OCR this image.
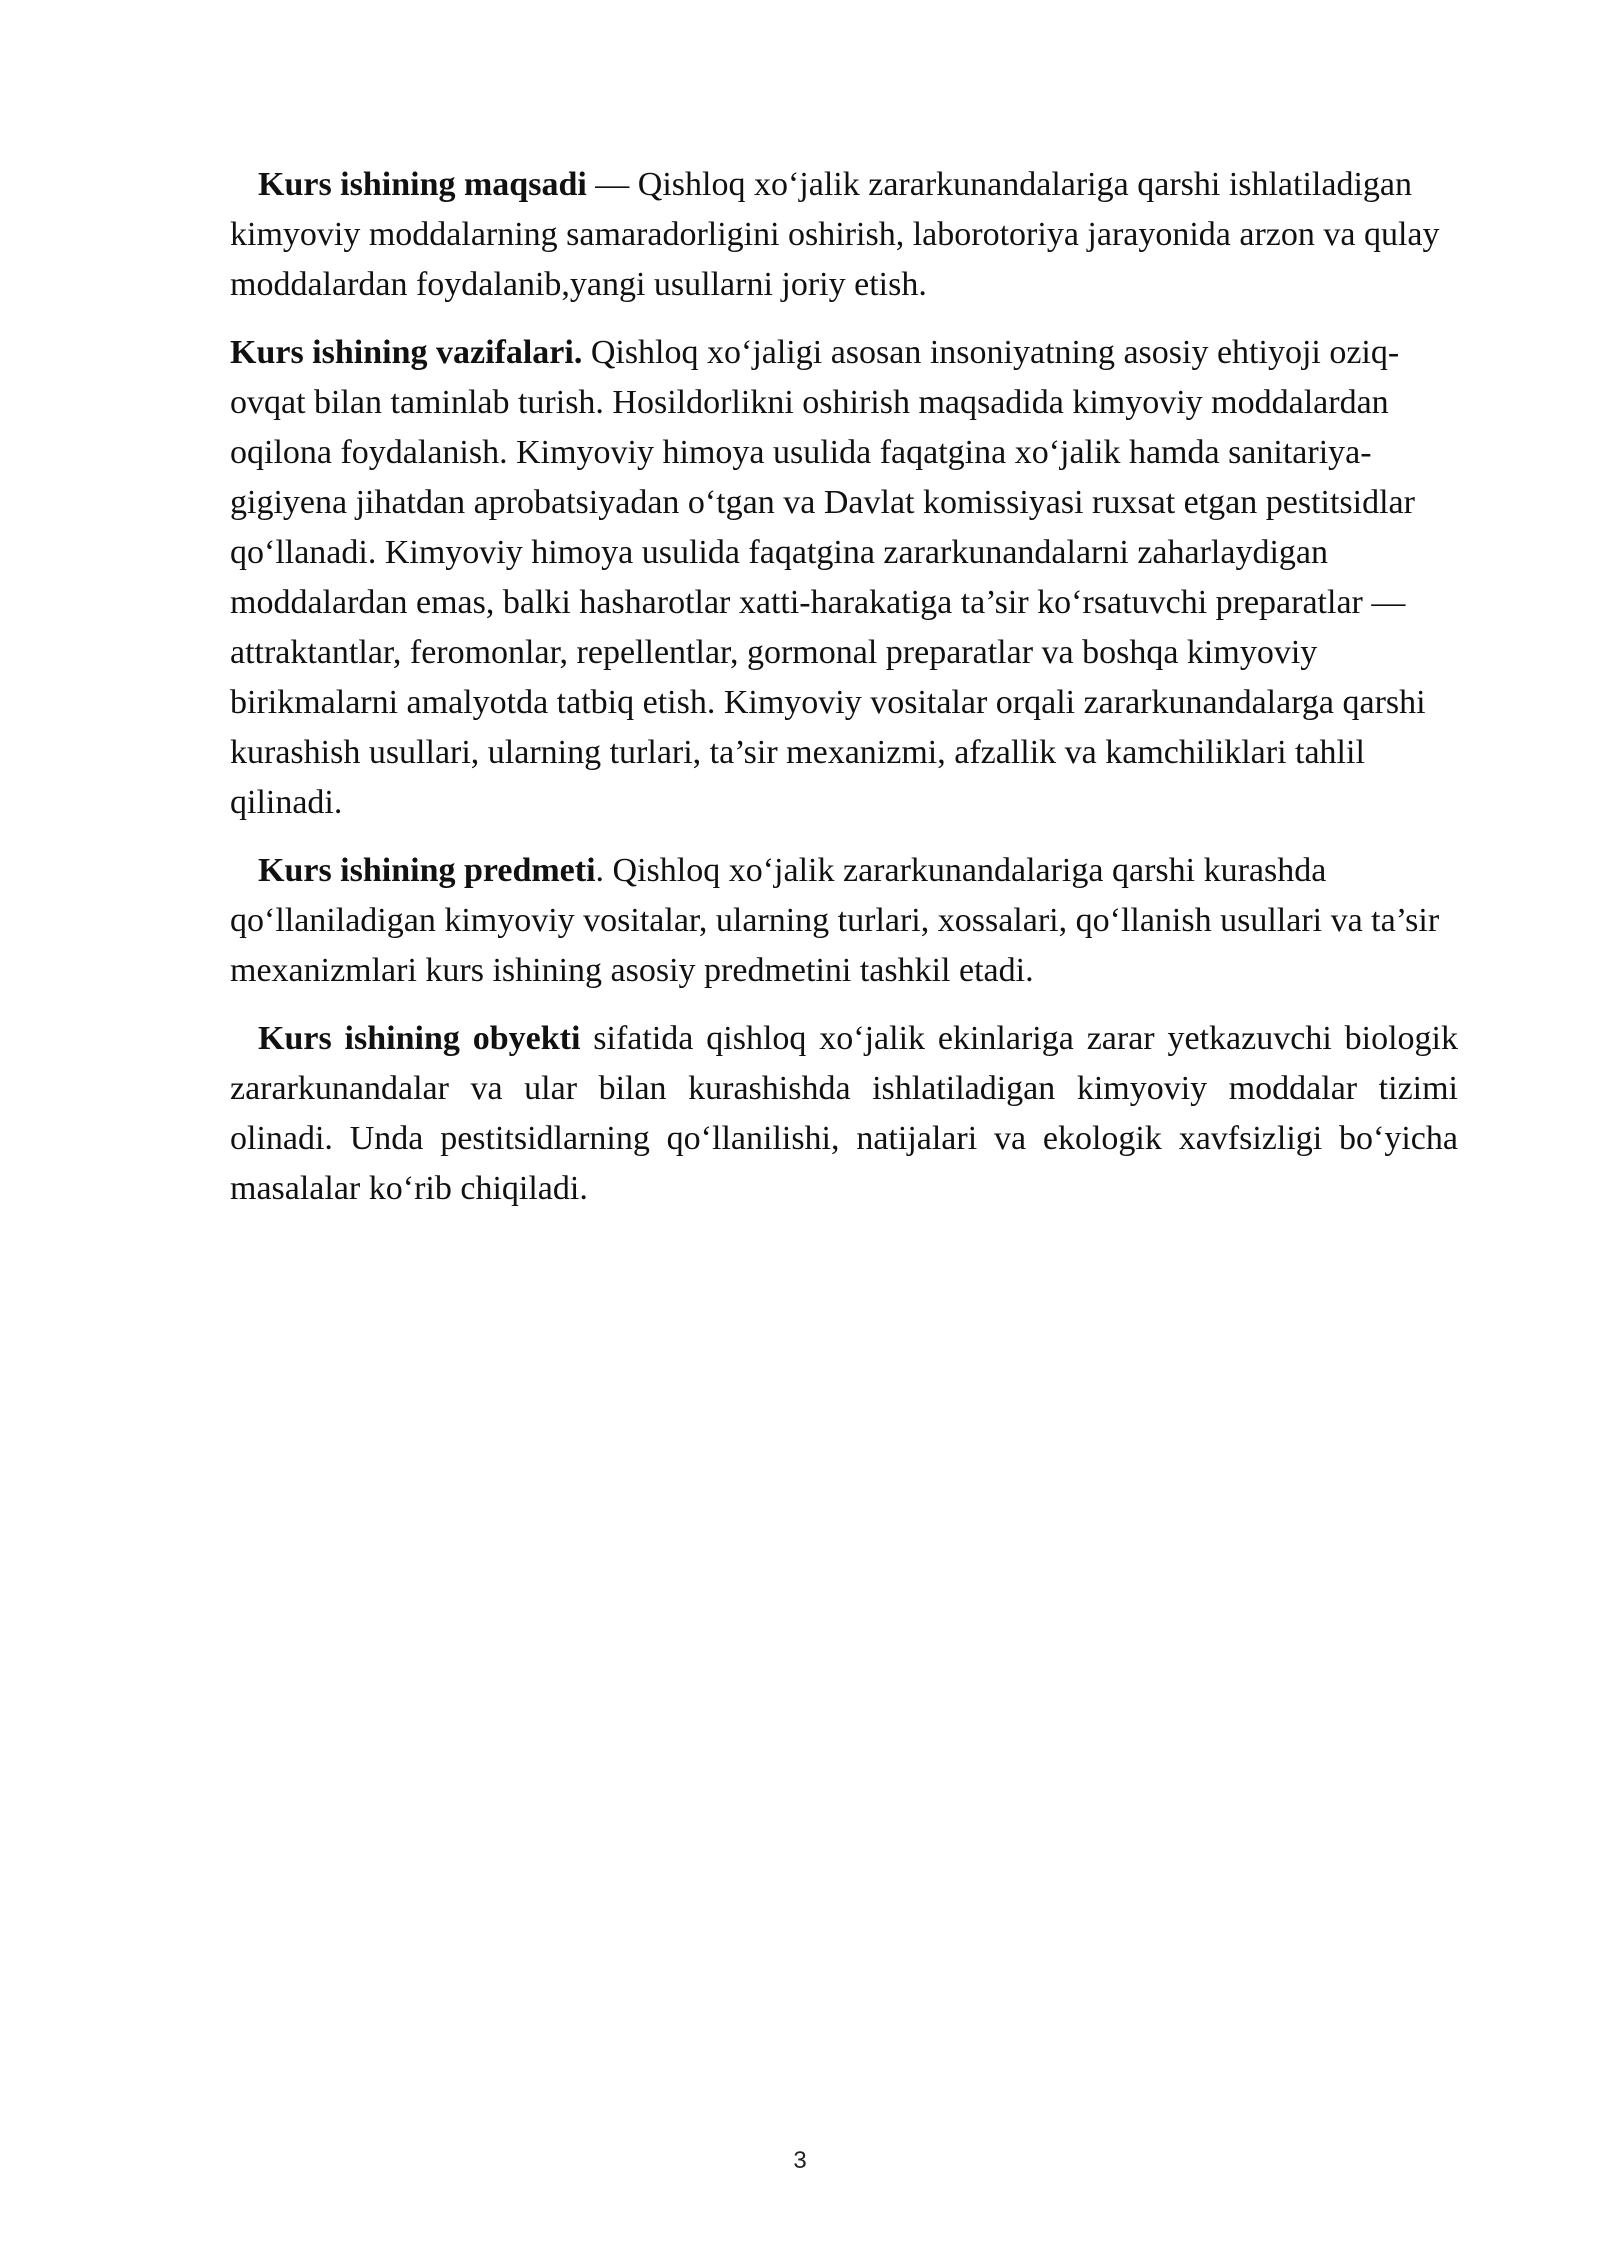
Kurs ishining maqsadi — Qishloq xo‘jalik zararkunandalariga qarshi ishlatiladigan kimyoviy moddalarning samaradorligini oshirish, laborotoriya jarayonida arzon va qulay moddalardan foydalanib,yangi usullarni joriy etish.

Kurs ishining vazifalari. Qishloq xo‘jaligi asosan insoniyatning asosiy ehtiyoji oziq-ovqat bilan taminlab turish. Hosildorlikni oshirish maqsadida kimyoviy moddalardan oqilona foydalanish. Kimyoviy himoya usulida faqatgina xo‘jalik hamda sanitariya-gigiyena jihatdan aprobatsiyadan o‘tgan va Davlat komissiyasi ruxsat etgan pestitsidlar qo‘llanadi. Kimyoviy himoya usulida faqatgina zararkunandalarni zaharlaydigan moddalardan emas, balki hasharotlar xatti-harakatiga ta’sir ko‘rsatuvchi preparatlar — attraktantlar, feromonlar, repellentlar, gormonal preparatlar va boshqa kimyoviy birikmalarni amalyotda tatbiq etish. Kimyoviy vositalar orqali zararkunandalarga qarshi kurashish usullari, ularning turlari, ta’sir mexanizmi, afzallik va kamchiliklari tahlil qilinadi.

Kurs ishining predmeti. Qishloq xo‘jalik zararkunandalariga qarshi kurashda qo‘llaniladigan kimyoviy vositalar, ularning turlari, xossalari, qo‘llanish usullari va ta’sir mexanizmlari kurs ishining asosiy predmetini tashkil etadi.

Kurs ishining obyekti sifatida qishloq xo‘jalik ekinlariga zarar yetkazuvchi biologik zararkunandalar va ular bilan kurashishda ishlatiladigan kimyoviy moddalar tizimi olinadi. Unda pestitsidlarning qo‘llanilishi, natijalari va ekologik xavfsizligi bo‘yicha masalalar ko‘rib chiqiladi.

3
